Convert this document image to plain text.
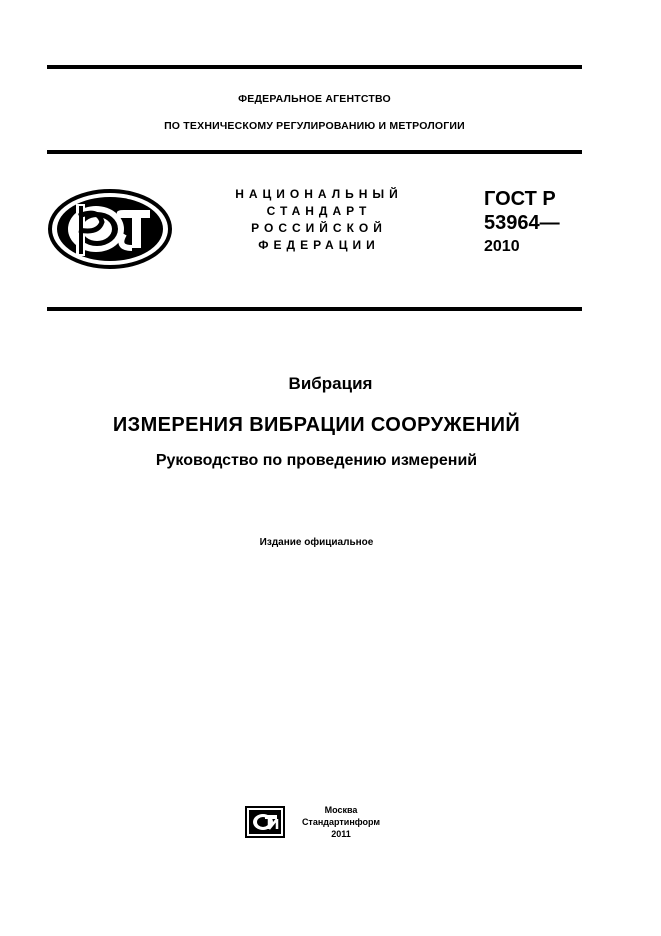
ФЕДЕРАЛЬНОЕ АГЕНТСТВО
ПО ТЕХНИЧЕСКОМУ РЕГУЛИРОВАНИЮ И МЕТРОЛОГИИ
НАЦИОНАЛЬНЫЙ
СТАНДАРТ
РОССИЙСКОЙ
ФЕДЕРАЦИИ
ГОСТ Р
53964—
2010
Вибрация
ИЗМЕРЕНИЯ ВИБРАЦИИ СООРУЖЕНИЙ
Руководство по проведению измерений
Издание официальное
Москва
Стандартинформ
2011
